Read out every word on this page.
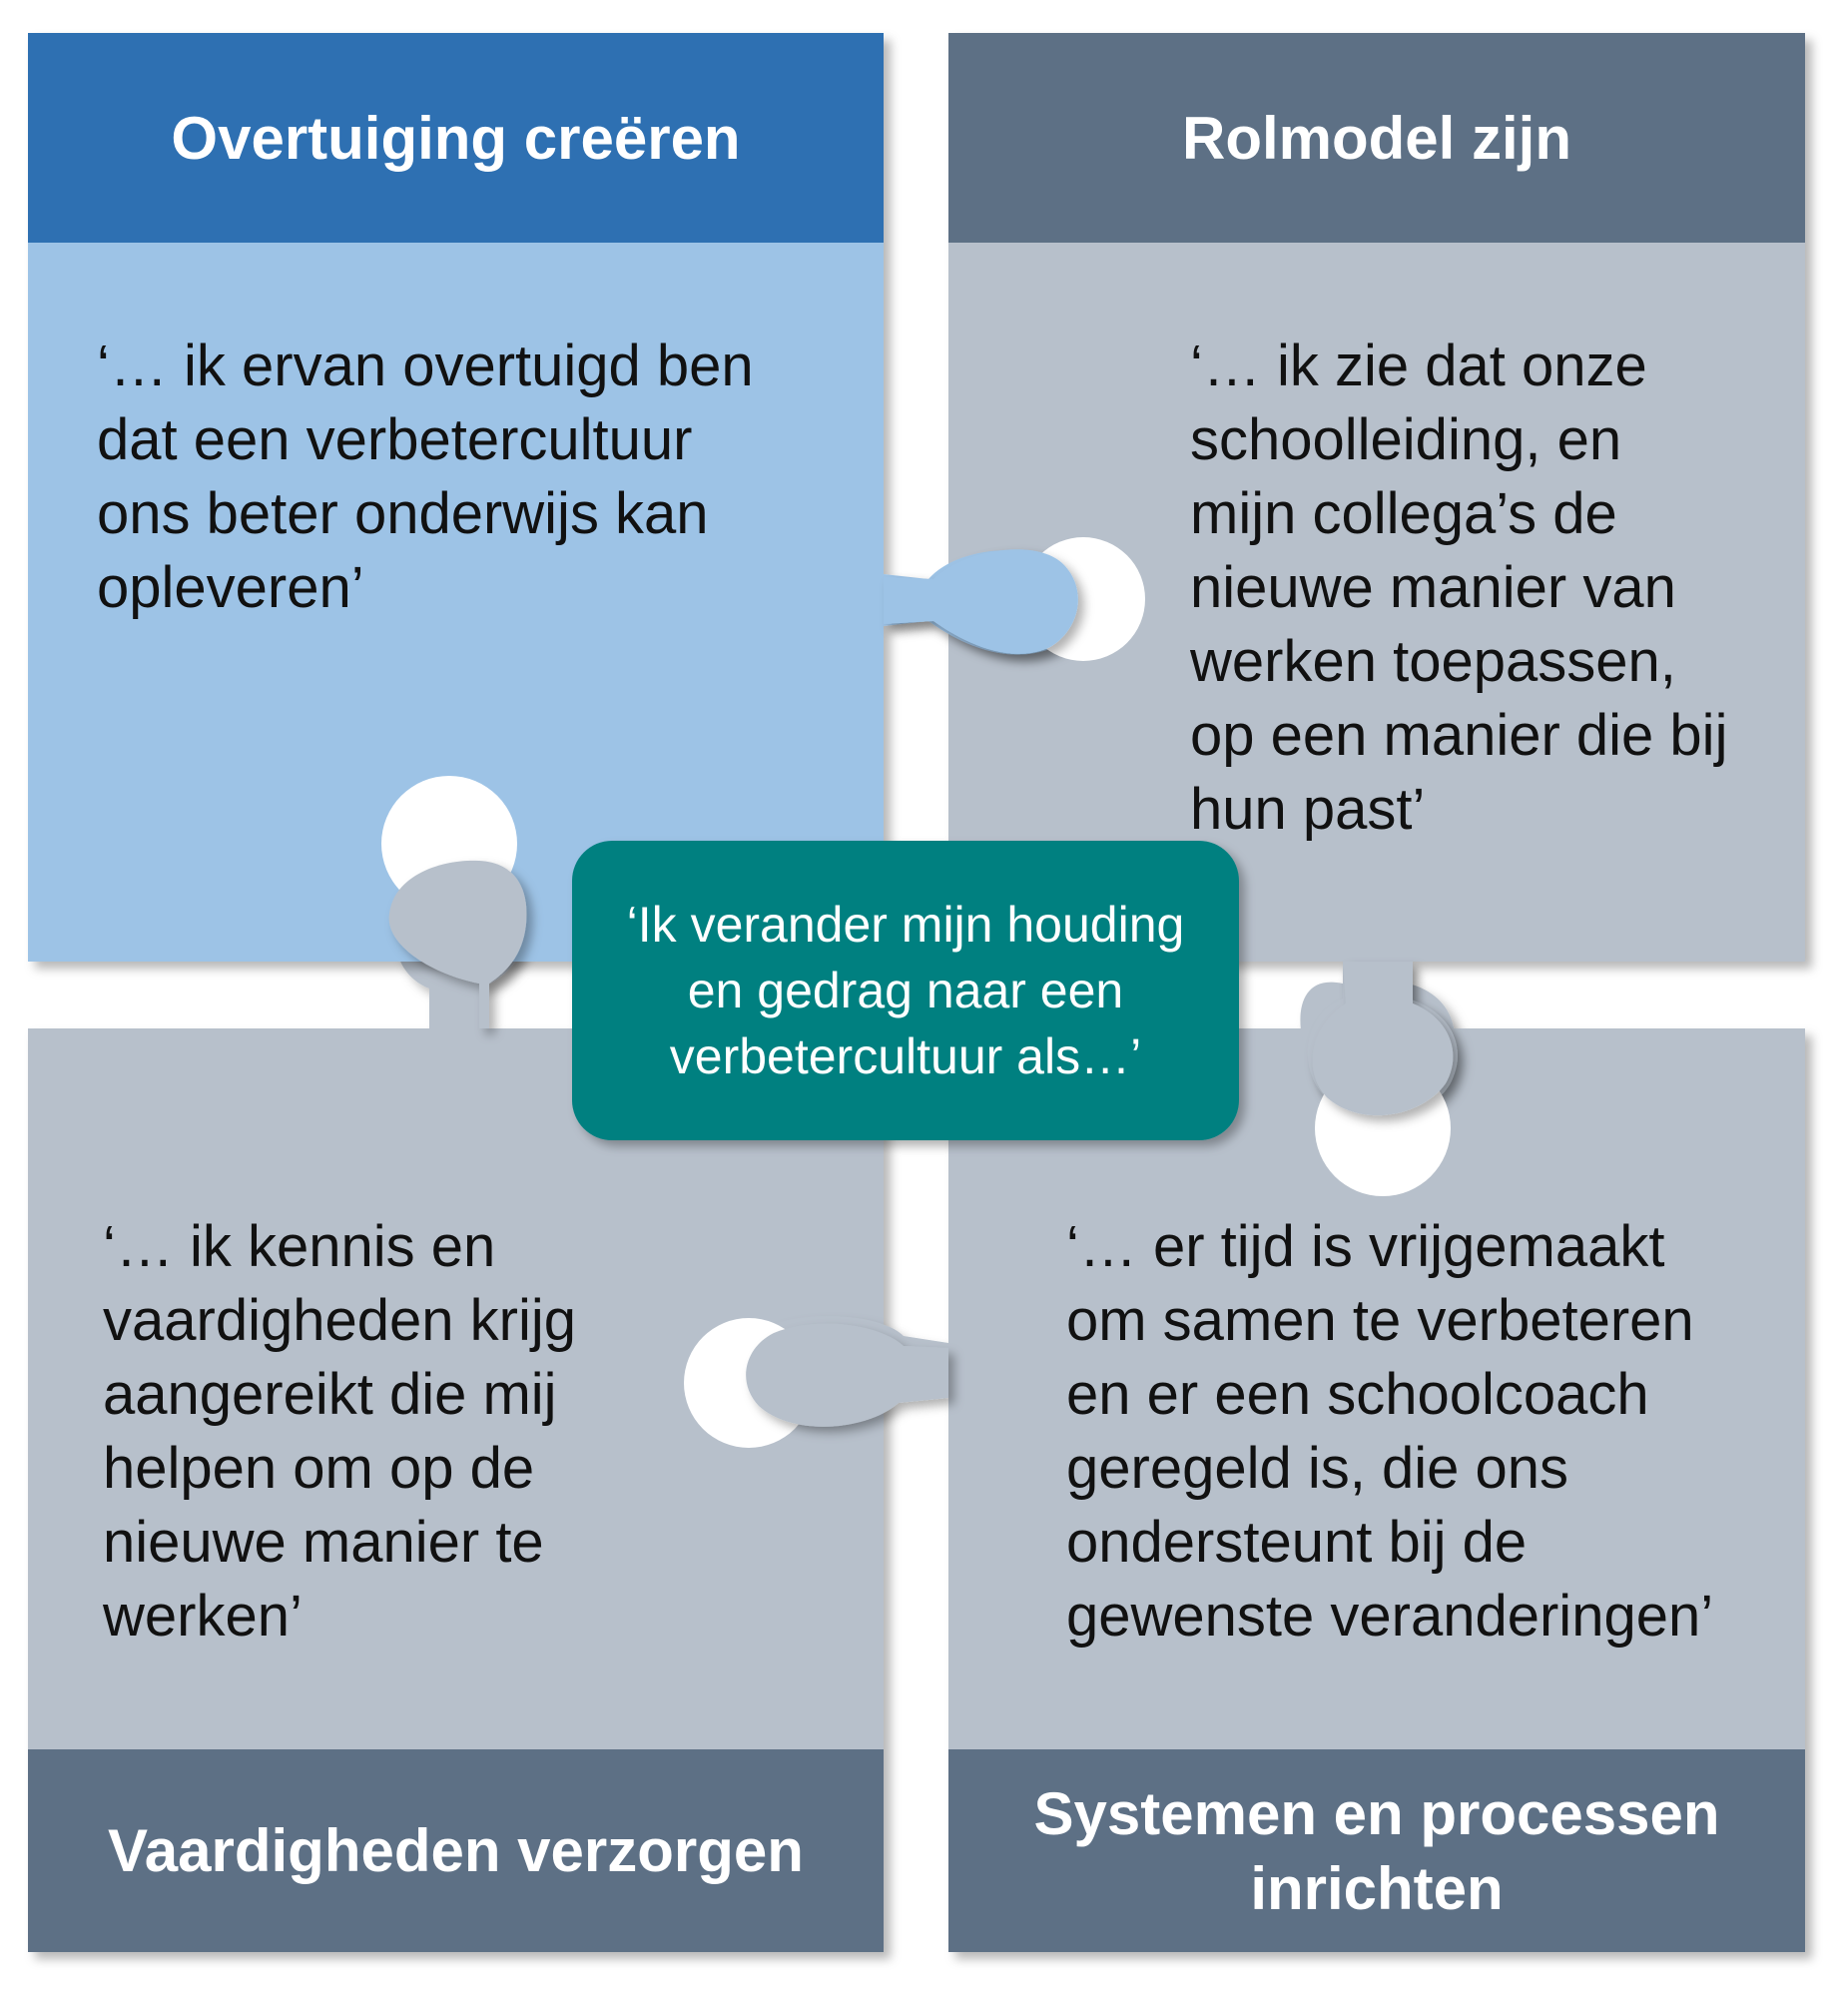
Overtuiging creëren	Rolmodel zijn
Vaardigheden verzorgen
Systemen en processen
inrichten
‘… ik ervan overtuigd ben
dat een verbetercultuur
ons beter onderwijs kan
opleveren’
‘… ik zie dat onze
schoolleiding, en
mijn collega’s de
nieuwe manier van
werken toepassen,
op een manier die bij
hun past’
‘… ik kennis en
vaardigheden krijg
aangereikt die mij
helpen om op de
nieuwe manier te
werken’
‘… er tijd is vrijgemaakt
om samen te verbeteren
en er een schoolcoach
geregeld is, die ons
ondersteunt bij de
gewenste veranderingen’
‘Ik verander mijn houding
en gedrag naar een
verbetercultuur als…’
